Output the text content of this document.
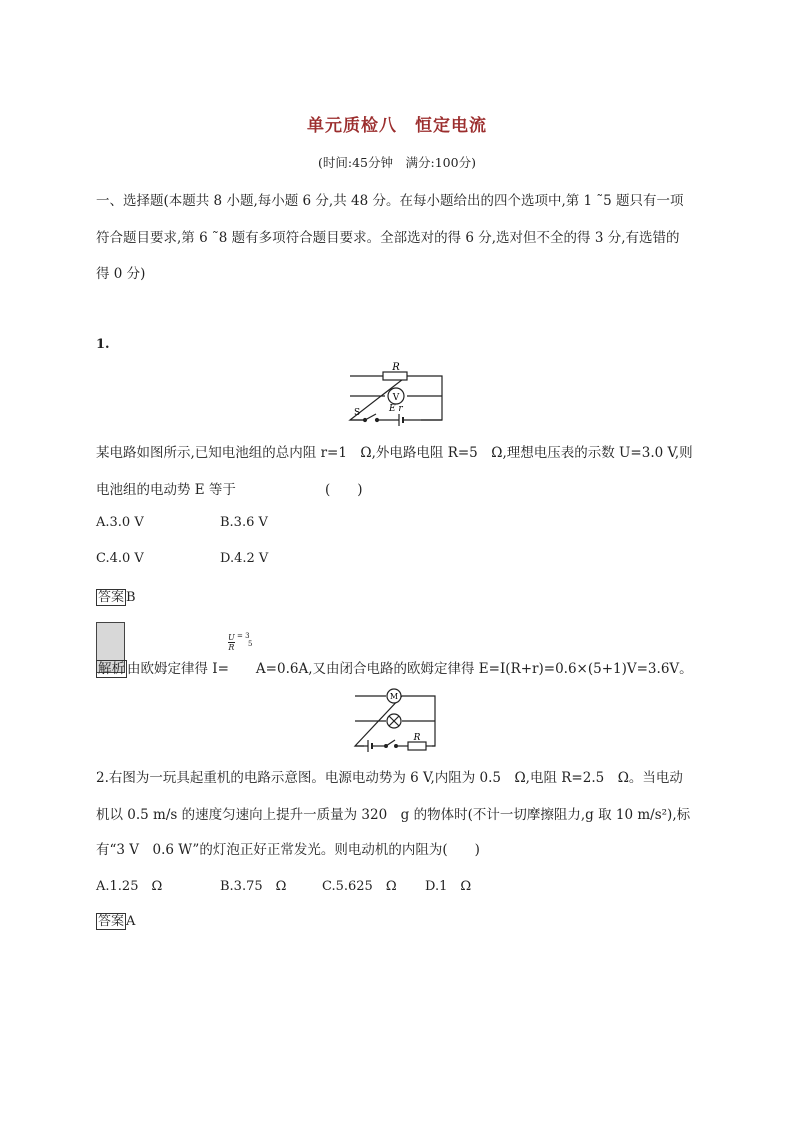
单元质检八　恒定电流
(时间:45分钟　满分:100分)
一、选择题(本题共 8 小题,每小题 6 分,共 48 分。在每小题给出的四个选项中,第 1 ˜5 题只有一项
符合题目要求,第 6 ˜8 题有多项符合题目要求。全部选对的得 6 分,选对但不全的得 3 分,有选错的
得 0 分)
1.
R
V
S	E r
某电路如图所示,已知电池组的总内阻 r=1　Ω,外电路电阻 R=5　Ω,理想电压表的示数 U=3.0 V,则
电池组的电动势 E 等于	(　　)
A.3.0 V	B.3.6 V
C.4.0 V	D.4.2 V
答案 B
$\frac{U}{R} = 3$
5
解析 由欧姆定律得 I=　　A=0.6A,又由闭合电路的欧姆定律得 E=I(R+r)=0.6×(5+1)V=3.6V。
M
R
2.右图为一玩具起重机的电路示意图。电源电动势为 6 V,内阻为 0.5　Ω,电阻 R=2.5　Ω。当电动
机以 0.5 m/s 的速度匀速向上提升一质量为 320　g 的物体时(不计一切摩擦阻力,g 取 10 m/s²),标
有“3 V　0.6 W”的灯泡正好正常发光。则电动机的内阻为(　　)
A.1.25　Ω	B.3.75　Ω	C.5.625　Ω D.1　Ω
答案 A
